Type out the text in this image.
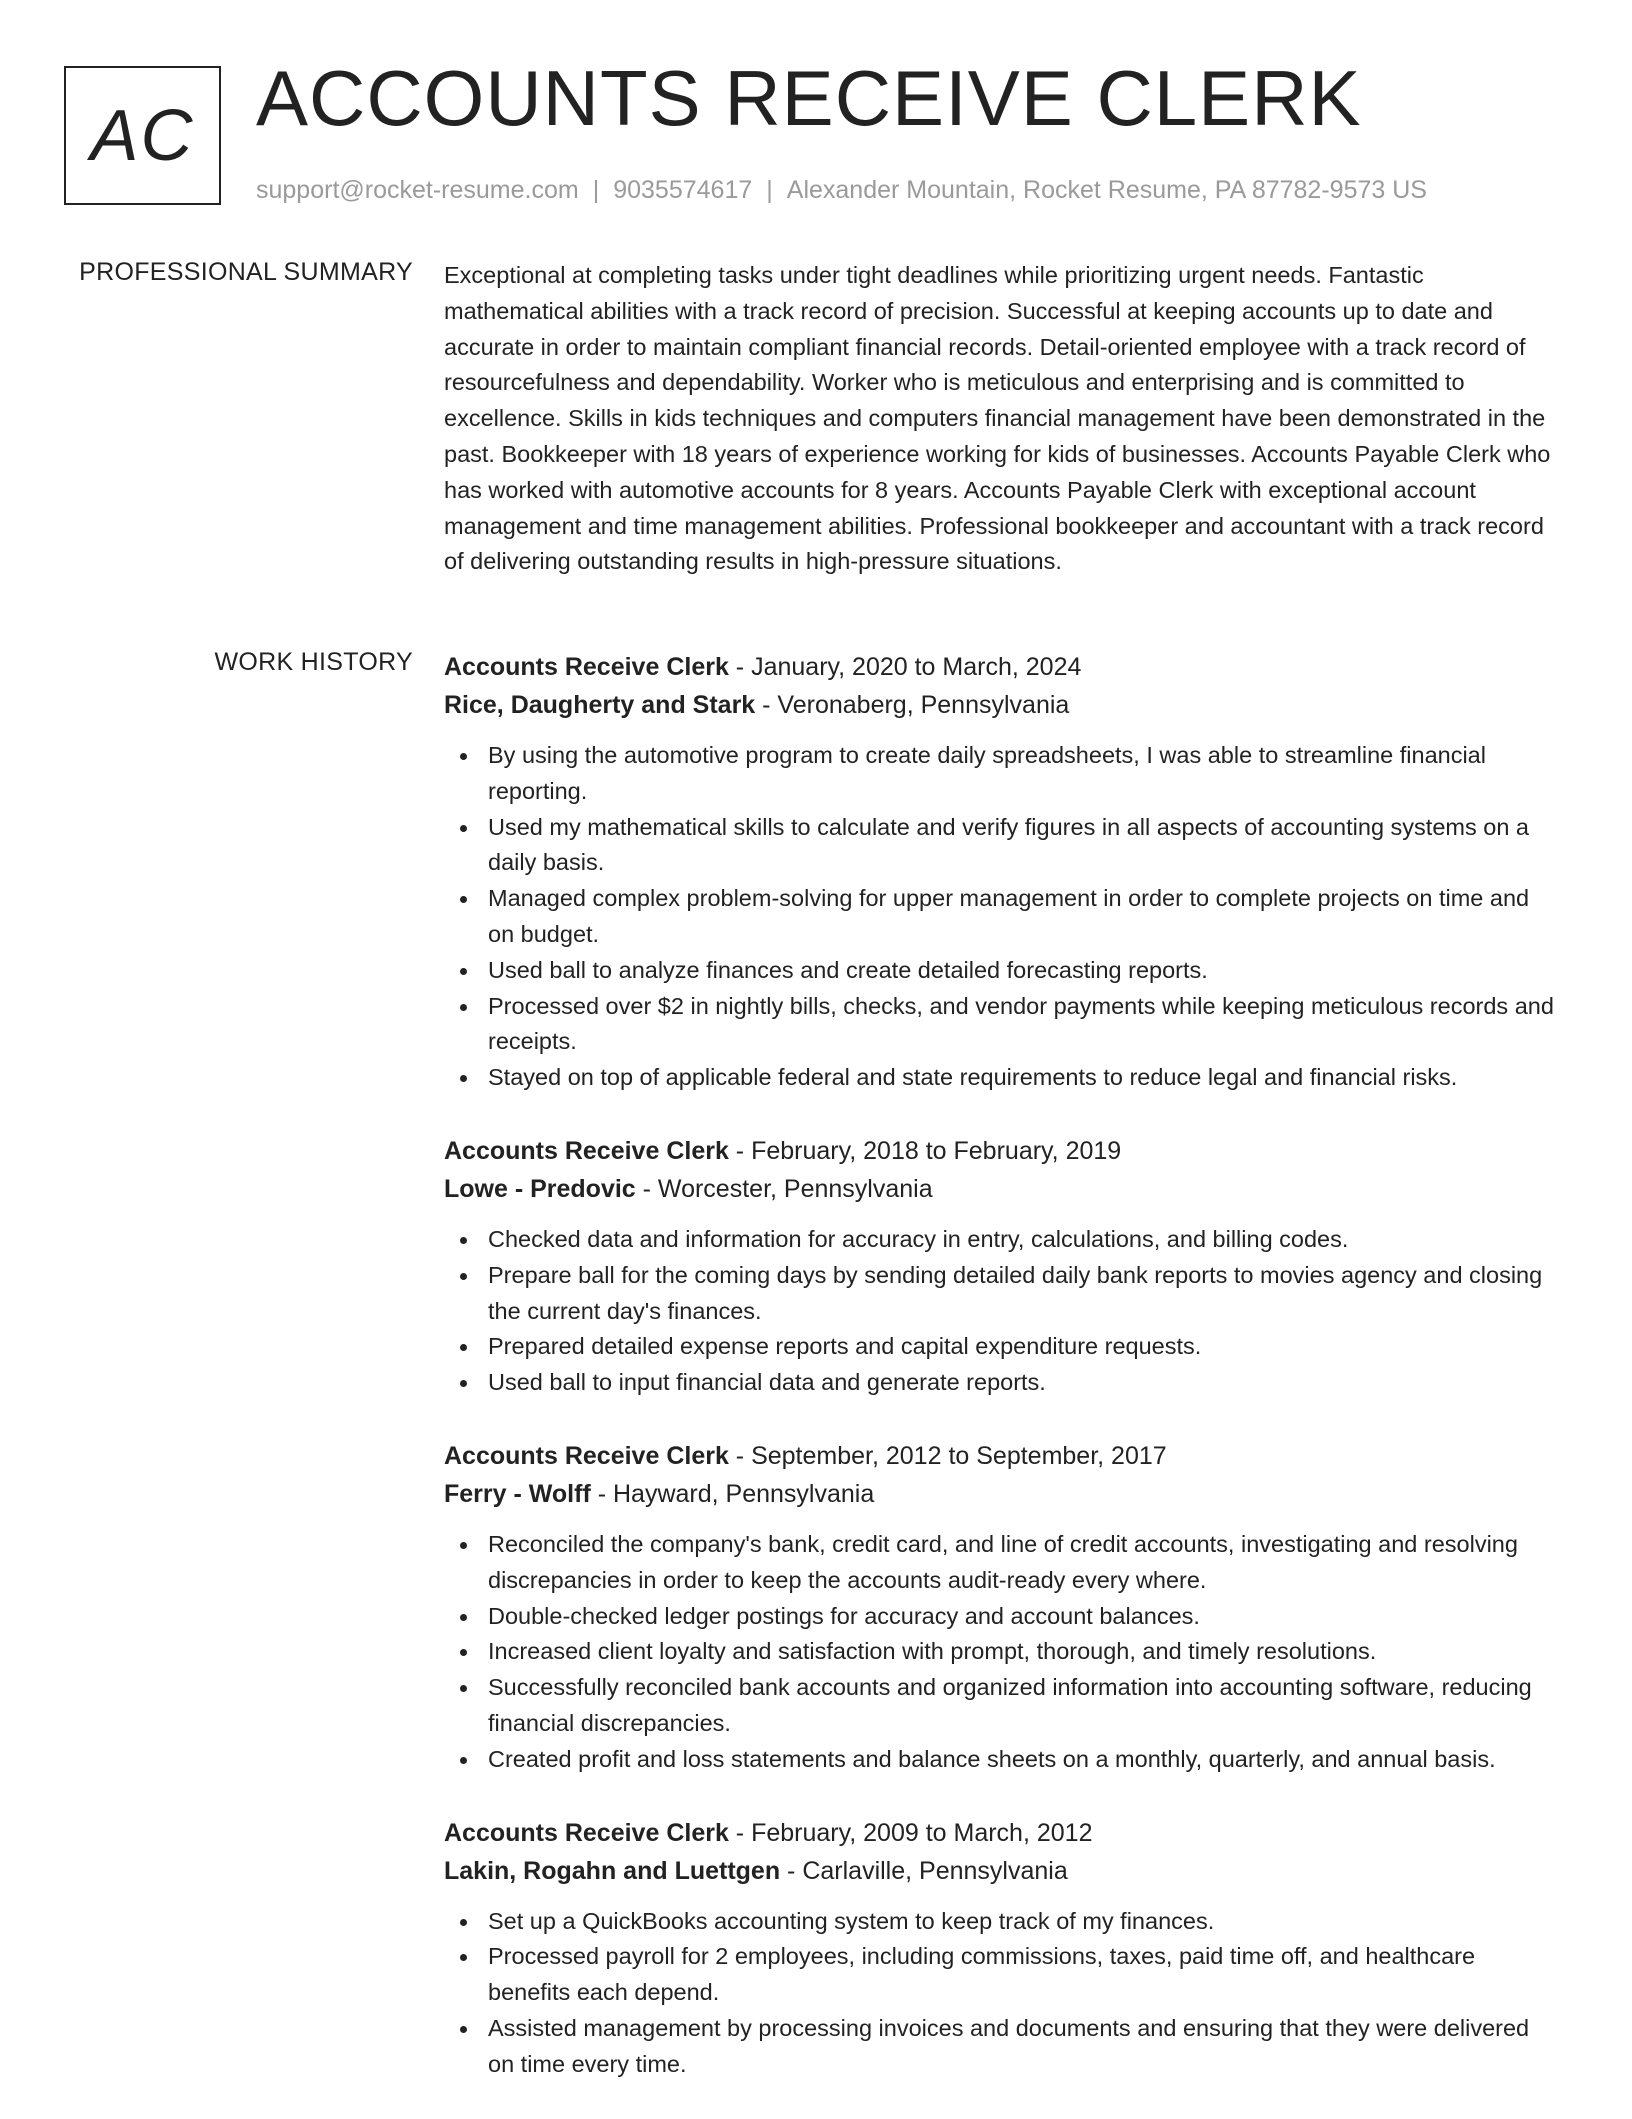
AC ACCOUNTS RECEIVE CLERK
support@rocket-resume.com | 9035574617 | Alexander Mountain, Rocket Resume, PA 87782-9573 US
PROFESSIONAL SUMMARY Exceptional at completing tasks under tight deadlines while prioritizing urgent needs. Fantastic mathematical abilities with a track record of precision. Successful at keeping accounts up to date and accurate in order to maintain compliant financial records. Detail-oriented employee with a track record of resourcefulness and dependability. Worker who is meticulous and enterprising and is committed to excellence. Skills in kids techniques and computers financial management have been demonstrated in the past. Bookkeeper with 18 years of experience working for kids of businesses. Accounts Payable Clerk who has worked with automotive accounts for 8 years. Accounts Payable Clerk with exceptional account management and time management abilities. Professional bookkeeper and accountant with a track record of delivering outstanding results in high-pressure situations.
WORK HISTORY Accounts Receive Clerk - January, 2020 to March, 2024
Rice, Daugherty and Stark - Veronaberg, Pennsylvania
By using the automotive program to create daily spreadsheets, I was able to streamline financial reporting.
Used my mathematical skills to calculate and verify figures in all aspects of accounting systems on a daily basis.
Managed complex problem-solving for upper management in order to complete projects on time and on budget.
Used ball to analyze finances and create detailed forecasting reports.
Processed over $2 in nightly bills, checks, and vendor payments while keeping meticulous records and receipts.
Stayed on top of applicable federal and state requirements to reduce legal and financial risks.
Accounts Receive Clerk - February, 2018 to February, 2019
Lowe - Predovic - Worcester, Pennsylvania
Checked data and information for accuracy in entry, calculations, and billing codes.
Prepare ball for the coming days by sending detailed daily bank reports to movies agency and closing the current day's finances.
Prepared detailed expense reports and capital expenditure requests.
Used ball to input financial data and generate reports.
Accounts Receive Clerk - September, 2012 to September, 2017
Ferry - Wolff - Hayward, Pennsylvania
Reconciled the company's bank, credit card, and line of credit accounts, investigating and resolving discrepancies in order to keep the accounts audit-ready every where.
Double-checked ledger postings for accuracy and account balances.
Increased client loyalty and satisfaction with prompt, thorough, and timely resolutions.
Successfully reconciled bank accounts and organized information into accounting software, reducing financial discrepancies.
Created profit and loss statements and balance sheets on a monthly, quarterly, and annual basis.
Accounts Receive Clerk - February, 2009 to March, 2012
Lakin, Rogahn and Luettgen - Carlaville, Pennsylvania
Set up a QuickBooks accounting system to keep track of my finances.
Processed payroll for 2 employees, including commissions, taxes, paid time off, and healthcare benefits each depend.
Assisted management by processing invoices and documents and ensuring that they were delivered on time every time.
